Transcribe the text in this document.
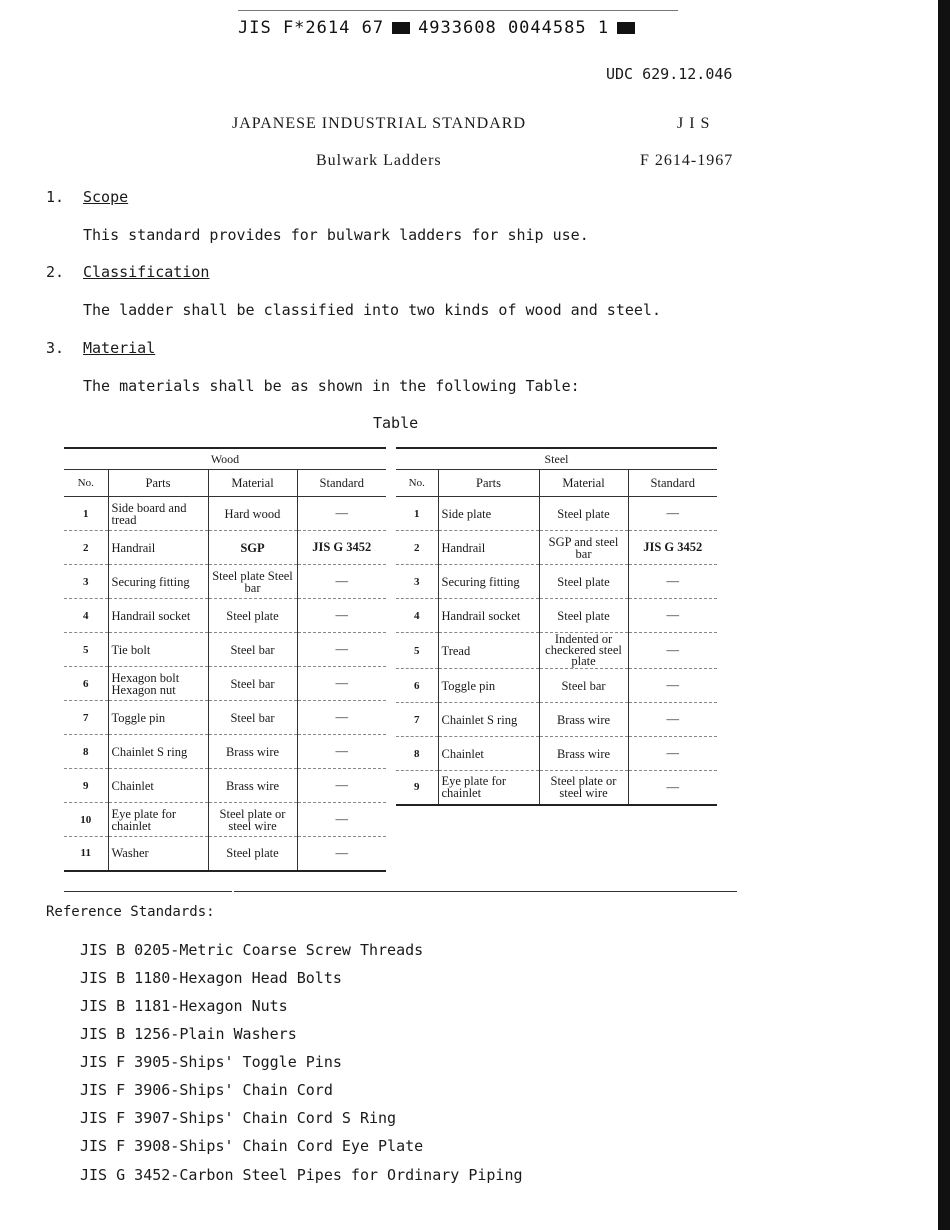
JIS F*2614 67 4933608 0044585 1
UDC 629.12.046
JAPANESE INDUSTRIAL STANDARD	J I S
Bulwark Ladders	F 2614-1967
1. Scope
This standard provides for bulwark ladders for ship use.
2. Classification
The ladder shall be classified into two kinds of wood and steel.
3. Material
The materials shall be as shown in the following Table:
Table
Wood			
No.	Parts	Material	Standard
1	Side board and tread	Hard wood	—
2	Handrail	SGP	JIS G 3452
3	Securing fitting	Steel plate Steel bar	—
4	Handrail socket	Steel plate	—
5	Tie bolt	Steel bar	—
6	Hexagon bolt Hexagon nut	Steel bar	—
7	Toggle pin	Steel bar	—
8	Chainlet S ring	Brass wire	—
9	Chainlet	Brass wire	—
10	Eye plate for chainlet	Steel plate or steel wire	—
11	Washer	Steel plate	—
Steel			
No.	Parts	Material	Standard
1	Side plate	Steel plate	—
2	Handrail	SGP and steel bar	JIS G 3452
3	Securing fitting	Steel plate	—
4	Handrail socket	Steel plate	—
5	Tread	Indented or checkered steel plate	—
6	Toggle pin	Steel bar	—
7	Chainlet S ring	Brass wire	—
8	Chainlet	Brass wire	—
9	Eye plate for chainlet	Steel plate or steel wire	—
Reference Standards:
JIS B 0205-Metric Coarse Screw Threads
JIS B 1180-Hexagon Head Bolts
JIS B 1181-Hexagon Nuts
JIS B 1256-Plain Washers
JIS F 3905-Ships' Toggle Pins
JIS F 3906-Ships' Chain Cord
JIS F 3907-Ships' Chain Cord S Ring
JIS F 3908-Ships' Chain Cord Eye Plate
JIS G 3452-Carbon Steel Pipes for Ordinary Piping
